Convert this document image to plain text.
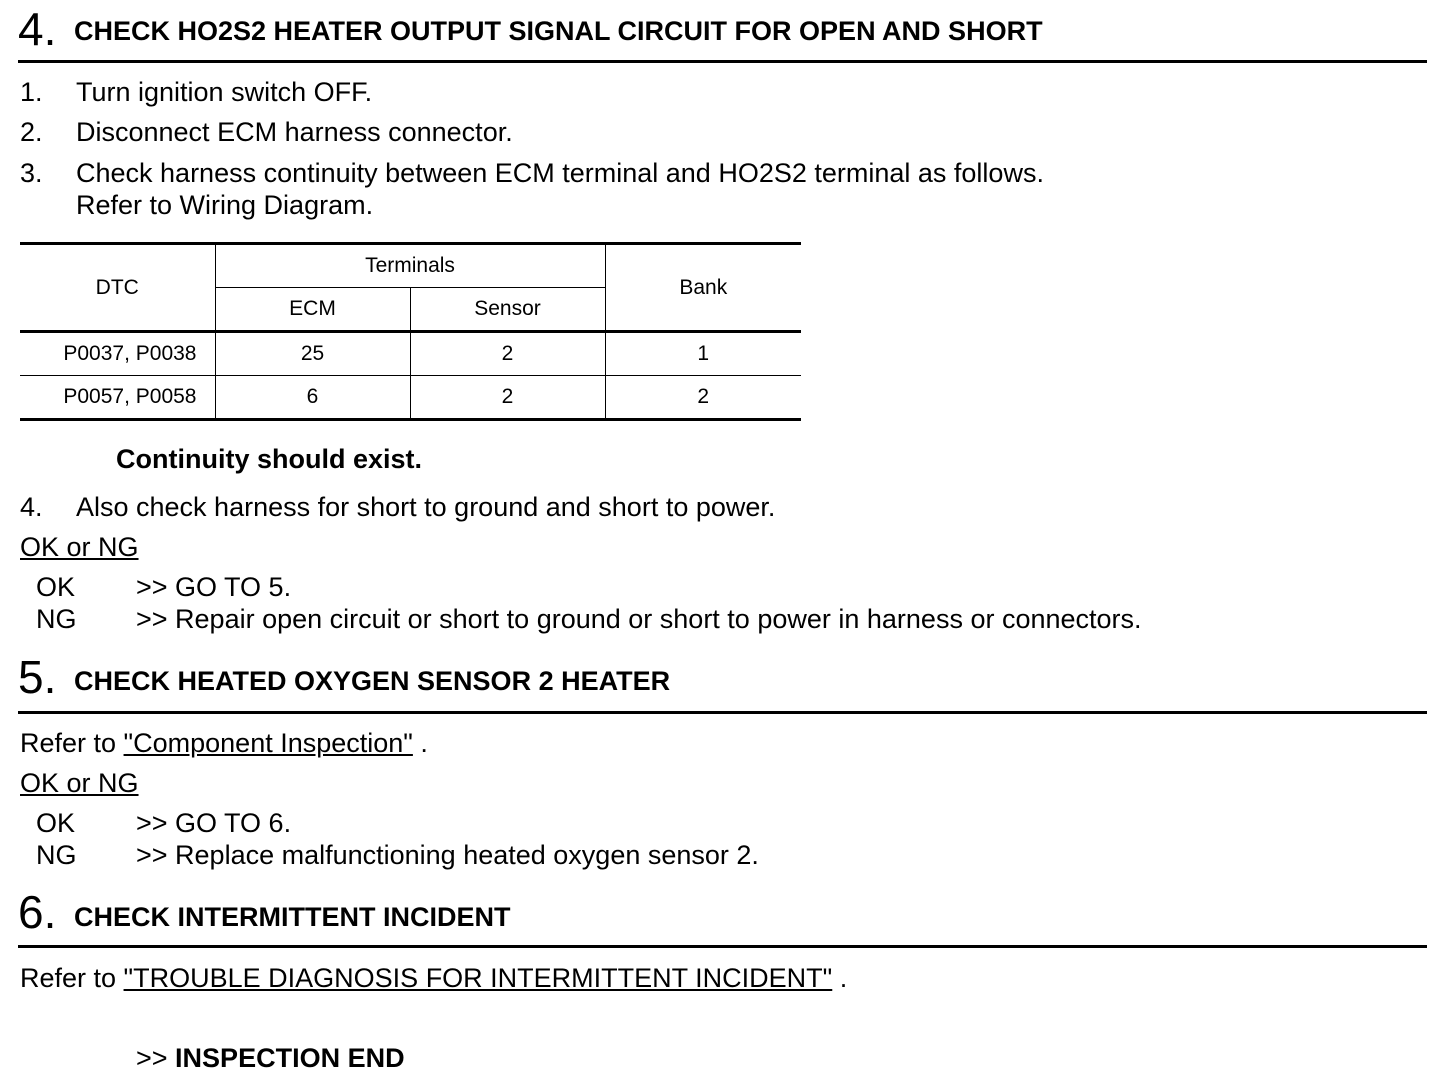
4. CHECK HO2S2 HEATER OUTPUT SIGNAL CIRCUIT FOR OPEN AND SHORT
1. Turn ignition switch OFF.
2. Disconnect ECM harness connector.
3. Check harness continuity between ECM terminal and HO2S2 terminal as follows.
Refer to Wiring Diagram.
DTC	Terminals		Bank
	ECM	Sensor	
P0037, P0038	25	2	1
P0057, P0058	6	2	2
Continuity should exist.
4. Also check harness for short to ground and short to power.
OK or NG
OK >> GO TO 5.
NG >> Repair open circuit or short to ground or short to power in harness or connectors.
5. CHECK HEATED OXYGEN SENSOR 2 HEATER
Refer to "Component Inspection" .
OK or NG
OK >> GO TO 6.
NG >> Replace malfunctioning heated oxygen sensor 2.
6. CHECK INTERMITTENT INCIDENT
Refer to "TROUBLE DIAGNOSIS FOR INTERMITTENT INCIDENT" .
>> INSPECTION END
